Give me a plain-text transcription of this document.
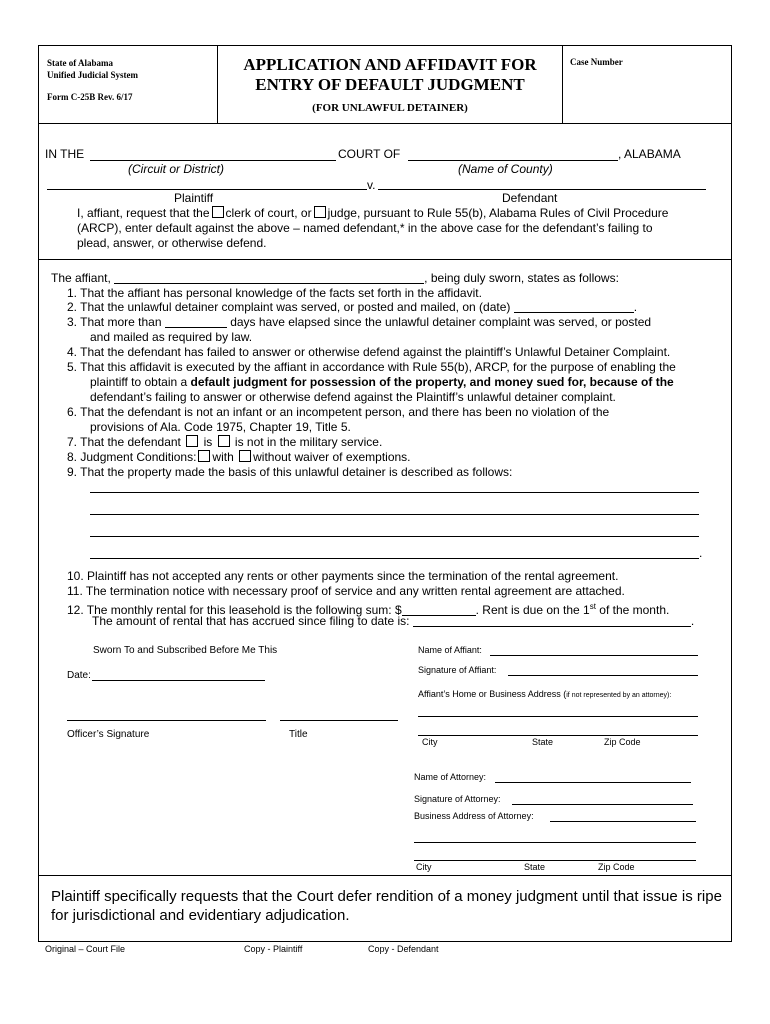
State of Alabama
Unified Judicial System
Form C-25B Rev. 6/17
APPLICATION AND AFFIDAVIT FOR
ENTRY OF DEFAULT JUDGMENT
(FOR UNLAWFUL DETAINER)
Case Number
IN THE	COURT OF	, ALABAMA
(Circuit or District)	(Name of County)
v.
Plaintiff	Defendant
I, affiant, request that the clerk of court, or judge, pursuant to Rule 55(b), Alabama Rules of Civil Procedure
(ARCP), enter default against the above – named defendant,* in the above case for the defendant’s failing to
plead, answer, or otherwise defend.
The affiant,	, being duly sworn, states as follows:
1. That the affiant has personal knowledge of the facts set forth in the affidavit.
2. That the unlawful detainer complaint was served, or posted and mailed, on (date)	.
3. That more than	days have elapsed since the unlawful detainer complaint was served, or posted
and mailed as required by law.
4. That the defendant has failed to answer or otherwise defend against the plaintiff’s Unlawful Detainer Complaint.
5. That this affidavit is executed by the affiant in accordance with Rule 55(b), ARCP, for the purpose of enabling the
plaintiff to obtain a default judgment for possession of the property, and money sued for, because of the
defendant’s failing to answer or otherwise defend against the Plaintiff’s unlawful detainer complaint.
6. That the defendant is not an infant or an incompetent person, and there has been no violation of the
provisions of Ala. Code 1975, Chapter 19, Title 5.
7. That the defendant is is not in the military service.
8. Judgment Conditions: with without waiver of exemptions.
9. That the property made the basis of this unlawful detainer is described as follows:
.
10. Plaintiff has not accepted any rents or other payments since the termination of the rental agreement.
11. The termination notice with necessary proof of service and any written rental agreement are attached.
12. The monthly rental for this leasehold is the following sum: $	. Rent is due on the 1st of the month.
The amount of rental that has accrued since filing to date is:	.
Sworn To and Subscribed Before Me This
Date:
Officer’s Signature	Title
Name of Affiant:
Signature of Affiant:
Affiant’s Home or Business Address (if not represented by an attorney):
City	State	Zip Code
Name of Attorney:
Signature of Attorney:
Business Address of Attorney:
City	State	Zip Code
Plaintiff specifically requests that the Court defer rendition of a money judgment until that issue is ripe for jurisdictional and evidentiary adjudication.
Original – Court File	Copy - Plaintiff	Copy - Defendant
